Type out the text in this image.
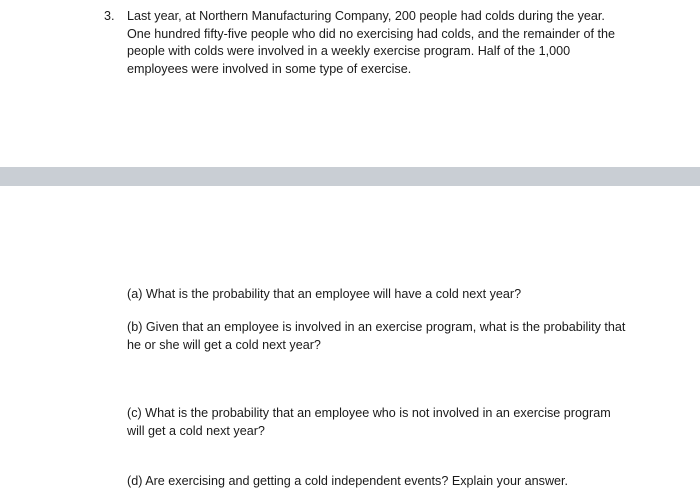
3. Last year, at Northern Manufacturing Company, 200 people had colds during the year. One hundred fifty-five people who did no exercising had colds, and the remainder of the people with colds were involved in a weekly exercise program. Half of the 1,000 employees were involved in some type of exercise.
(a) What is the probability that an employee will have a cold next year?
(b) Given that an employee is involved in an exercise program, what is the probability that he or she will get a cold next year?
(c) What is the probability that an employee who is not involved in an exercise program will get a cold next year?
(d) Are exercising and getting a cold independent events? Explain your answer.
